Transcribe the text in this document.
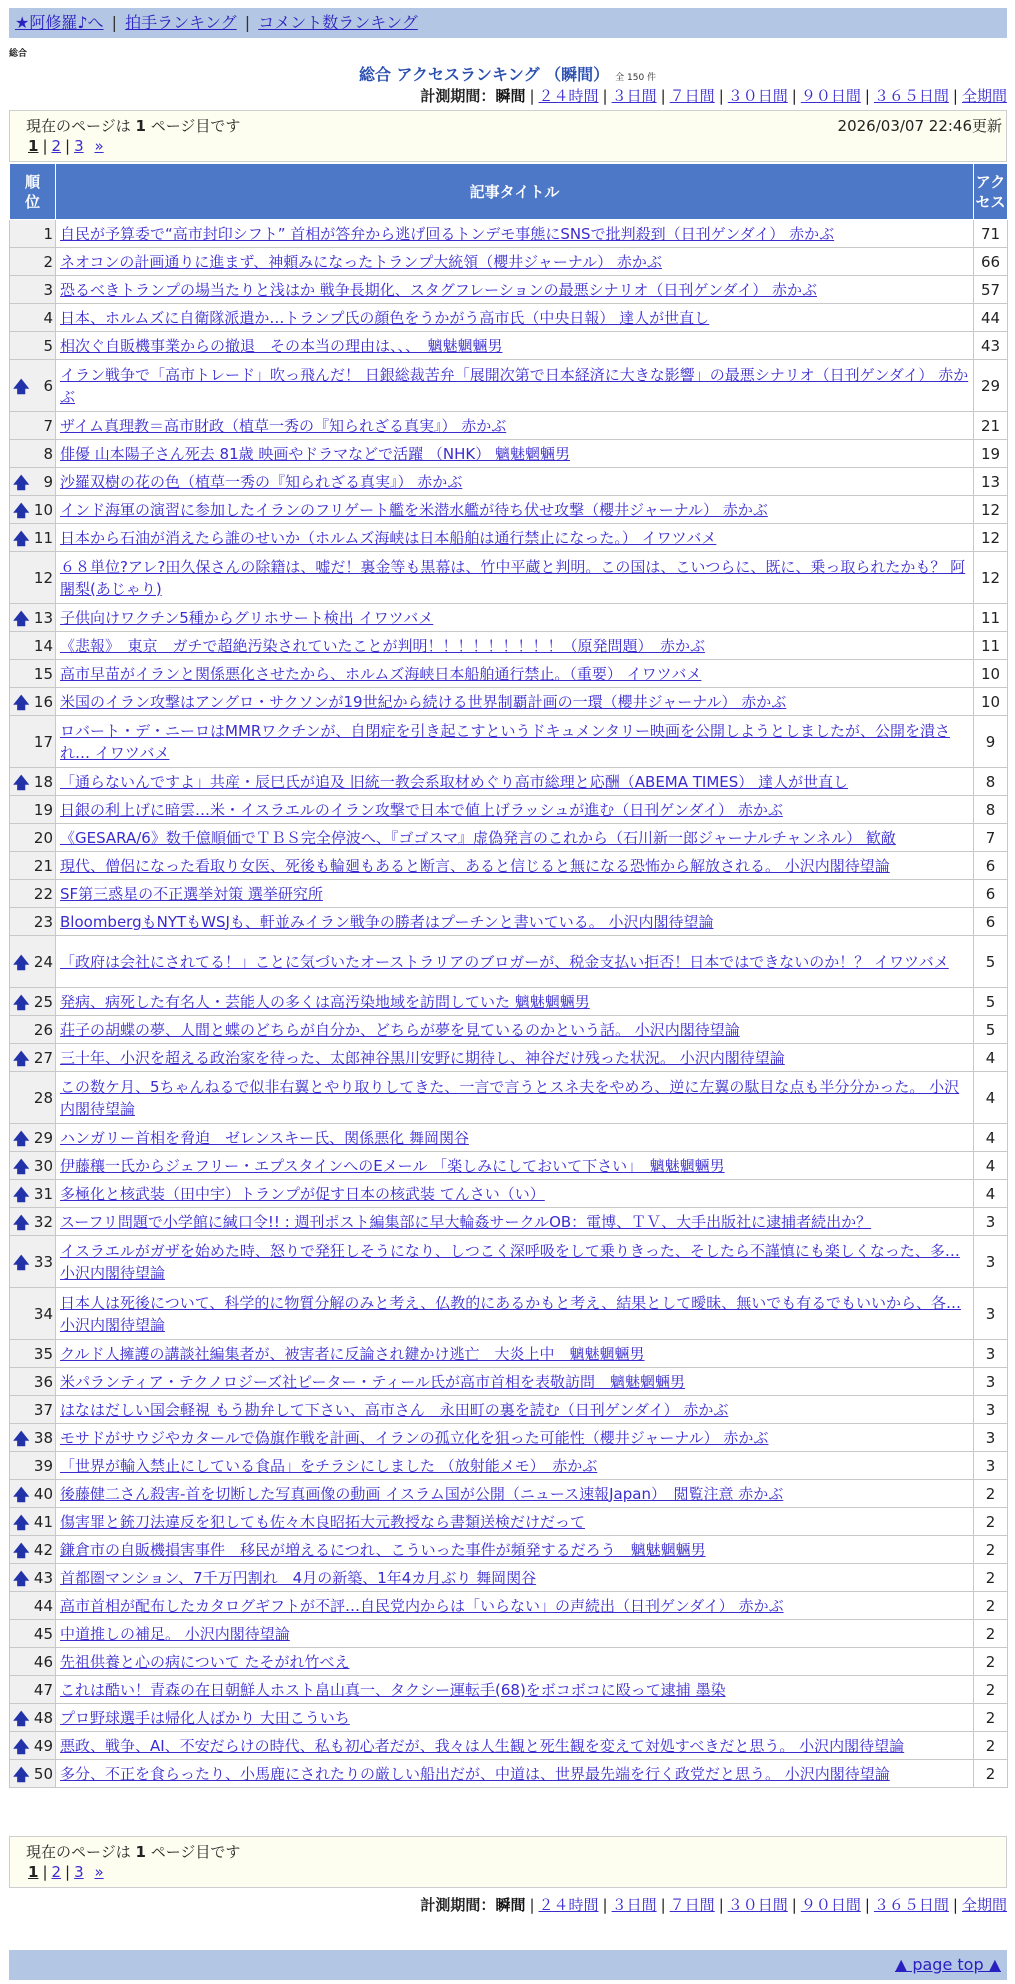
★阿修羅♪へ | 拍手ランキング | コメント数ランキング
総合
総合 アクセスランキング （瞬間） 全 150 件
計測期間：瞬間 | ２４時間 | ３日間 | ７日間 | ３０日間 | ９０日間 | ３６５日間 | 全期間
現在のページは 1 ページ目です	2026/03/07 22:46更新
1 | 2 | 3 »
順位	記事タイトル	アクセス
1	自民が予算委で“高市封印シフト” 首相が答弁から逃げ回るトンデモ事態にSNSで批判殺到（日刊ゲンダイ） 赤かぶ	71
2	ネオコンの計画通りに進まず、神頼みになったトランプ大統領（櫻井ジャーナル） 赤かぶ	66
3	恐るべきトランプの場当たりと浅はか 戦争長期化、スタグフレーションの最悪シナリオ（日刊ゲンダイ） 赤かぶ	57
4	日本、ホルムズに自衛隊派遣か…トランプ氏の顔色をうかがう高市氏（中央日報） 達人が世直し	44
5	相次ぐ自販機事業からの撤退　その本当の理由は、、、　魑魅魍魎男	43

🡅 6	イラン戦争で「高市トレード」吹っ飛んだ！ 日銀総裁苦弁「展開次第で日本経済に大きな影響」の最悪シナリオ（日刊ゲンダイ） 赤かぶ	29
7	ザイム真理教＝高市財政（植草一秀の『知られざる真実』） 赤かぶ	21
8	俳優 山本陽子さん死去 81歳 映画やドラマなどで活躍 （NHK） 魑魅魍魎男	19

🡅 9	沙羅双樹の花の色（植草一秀の『知られざる真実』） 赤かぶ	13

🡅 10	インド海軍の演習に参加したイランのフリゲート艦を米潜水艦が待ち伏せ攻撃（櫻井ジャーナル） 赤かぶ	12

🡅 11	日本から石油が消えたら誰のせいか（ホルムズ海峡は日本船舶は通行禁止になった。） イワツバメ	12
12	６８単位?アレ?田久保さんの除籍は、嘘だ！裏金等も黒幕は、竹中平蔵と判明。この国は、こいつらに、既に、乗っ取られたかも？ 阿闍梨(あじゃり)	12

🡅 13	子供向けワクチン5種からグリホサート検出 イワツバメ	11
14	《悲報》　東京　ガチで超絶汚染されていたことが判明！！！！！！！！！（原発問題）　赤かぶ	11
15	高市早苗がイランと関係悪化させたから、ホルムズ海峡日本船舶通行禁止。（重要） イワツバメ	10

🡅 16	米国のイラン攻撃はアングロ・サクソンが19世紀から続ける世界制覇計画の一環（櫻井ジャーナル） 赤かぶ	10
17	ロバート・デ・ニーロはMMRワクチンが、自閉症を引き起こすというドキュメンタリー映画を公開しようとしましたが、公開を潰され… イワツバメ	9

🡅 18	「通らないんですよ」共産・辰巳氏が追及 旧統一教会系取材めぐり高市総理と応酬（ABEMA TIMES） 達人が世直し	8
19	日銀の利上げに暗雲…米・イスラエルのイラン攻撃で日本で値上げラッシュが進む（日刊ゲンダイ） 赤かぶ	8
20	《GESARA/6》数千億順価でＴＢＳ完全停波へ、『ゴゴスマ』虚偽発言のこれから（石川新一郎ジャーナルチャンネル） 歓敵	7
21	現代、僧侶になった看取り女医、死後も輪廻もあると断言、あると信じると無になる恐怖から解放される。 小沢内閣待望論	6
22	SF第三惑星の不正選挙対策 選挙研究所	6
23	BloombergもNYTもWSJも、軒並みイラン戦争の勝者はプーチンと書いている。 小沢内閣待望論	6

🡅 24	「政府は会社にされてる！」ことに気づいたオーストラリアのブロガーが、税金支払い拒否！日本ではできないのか！？ イワツバメ	5

🡅 25	発病、病死した有名人・芸能人の多くは高汚染地域を訪問していた 魑魅魍魎男	5
26	荘子の胡蝶の夢、人間と蝶のどちらが自分か、どちらが夢を見ているのかという話。 小沢内閣待望論	5

🡅 27	三十年、小沢を超える政治家を待った、太郎神谷黒川安野に期待し、神谷だけ残った状況。 小沢内閣待望論	4
28	この数ケ月、5ちゃんねるで似非右翼とやり取りしてきた、一言で言うとスネ夫をやめろ、逆に左翼の駄目な点も半分分かった。 小沢内閣待望論	4

🡅 29	ハンガリー首相を脅迫　ゼレンスキー氏、関係悪化 舞岡関谷	4

🡅 30	伊藤穰一氏からジェフリー・エプスタインへのEメール 「楽しみにしておいて下さい」　魑魅魍魎男	4

🡅 31	多極化と核武装（田中宇）トランプが促す日本の核武装 てんさい（い）	4

🡅 32	スーフリ問題で小学館に緘口令!! : 週刊ポスト編集部に早大輪姦サークルOB：電博、ＴＶ、大手出版社に逮捕者続出か？	3

🡅 33	イスラエルがガザを始めた時、怒りで発狂しそうになり、しつこく深呼吸をして乗りきった、そしたら不謹慎にも楽しくなった、多… 小沢内閣待望論	3
34	日本人は死後について、科学的に物質分解のみと考え、仏教的にあるかもと考え、結果として曖昧、無いでも有るでもいいから、各… 小沢内閣待望論	3
35	クルド人擁護の講談社編集者が、被害者に反論され鍵かけ逃亡　大炎上中　魑魅魍魎男	3
36	米パランティア・テクノロジーズ社ピーター・ティール氏が高市首相を表敬訪問　魑魅魍魎男	3
37	はなはだしい国会軽視 もう勘弁して下さい、高市さん　永田町の裏を読む（日刊ゲンダイ） 赤かぶ	3

🡅 38	モサドがサウジやカタールで偽旗作戦を計画、イランの孤立化を狙った可能性（櫻井ジャーナル） 赤かぶ	3
39	「世界が輸入禁止にしている食品」をチラシにしました （放射能メモ）　赤かぶ	3

🡅 40	後藤健二さん殺害-首を切断した写真画像の動画 イスラム国が公開（ニュース速報Japan）　閲覧注意 赤かぶ	2

🡅 41	傷害罪と銃刀法違反を犯しても佐々木良昭拓大元教授なら書類送検だけだって	2

🡅 42	鎌倉市の自販機損害事件　移民が増えるにつれ、こういった事件が頻発するだろう　魑魅魍魎男	2

🡅 43	首都圏マンション、7千万円割れ　4月の新築、1年4カ月ぶり 舞岡関谷	2
44	高市首相が配布したカタログギフトが不評…自民党内からは「いらない」の声続出（日刊ゲンダイ） 赤かぶ	2
45	中道推しの補足。 小沢内閣待望論	2
46	先祖供養と心の病について たそがれ竹べえ	2
47	これは酷い！青森の在日朝鮮人ホスト畠山真一、タクシー運転手(68)をボコボコに殴って逮捕 墨染	2

🡅 48	プロ野球選手は帰化人ばかり 大田こういち	2

🡅 49	悪政、戦争、AI、不安だらけの時代、私も初心者だが、我々は人生観と死生観を変えて対処すべきだと思う。 小沢内閣待望論	2

🡅 50	多分、不正を食らったり、小馬鹿にされたりの厳しい船出だが、中道は、世界最先端を行く政党だと思う。 小沢内閣待望論	2
現在のページは 1 ページ目です
1 | 2 | 3 »
計測期間：瞬間 | ２４時間 | ３日間 | ７日間 | ３０日間 | ９０日間 | ３６５日間 | 全期間
▲ page top ▲
